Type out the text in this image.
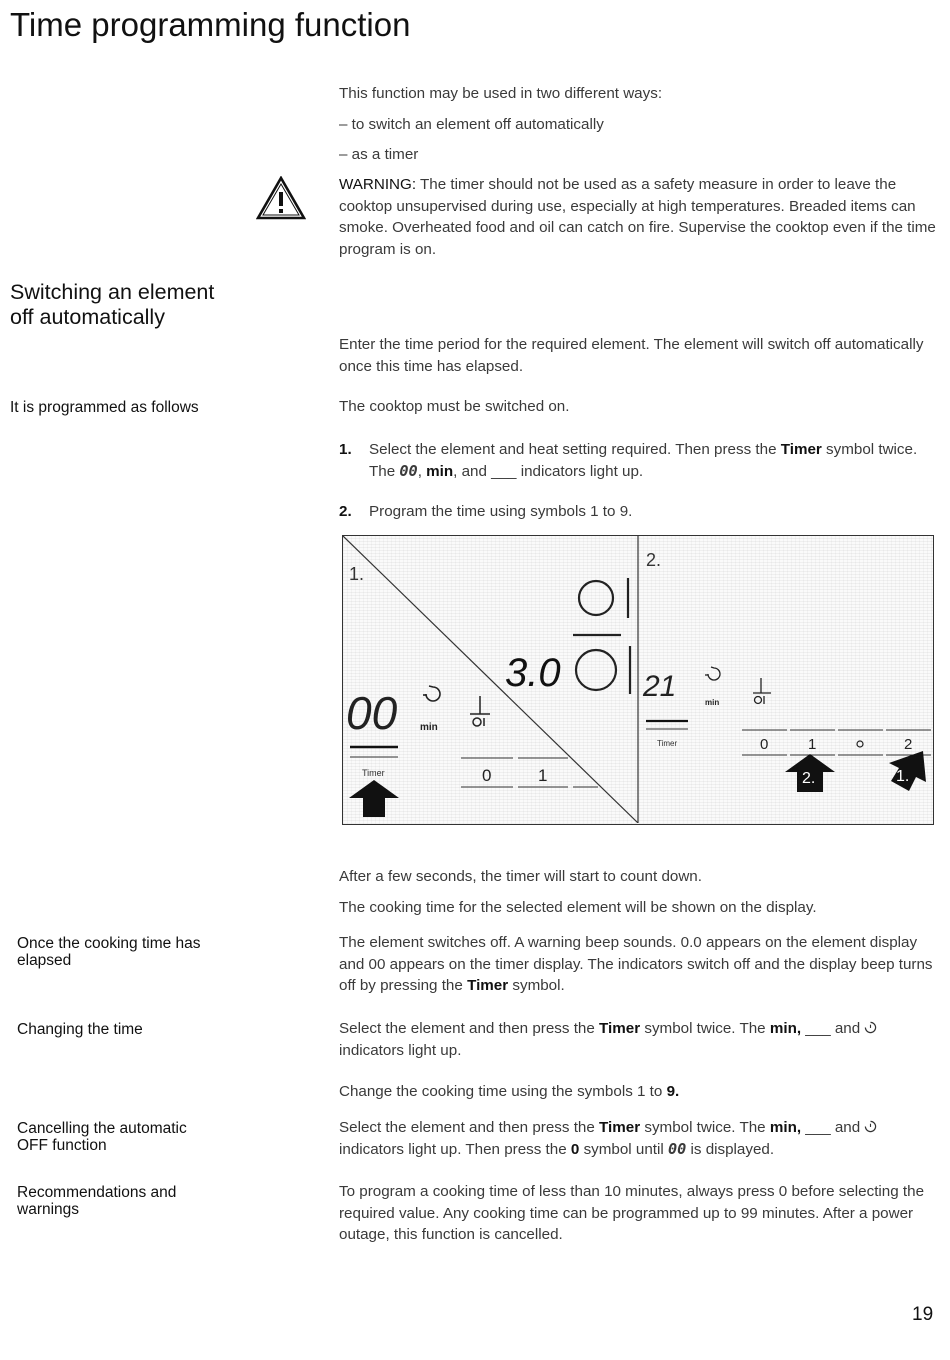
Time programming function
This function may be used in two different ways:
– to switch an element off automatically
– as a timer
WARNING: The timer should not be used as a safety measure in order to leave the cooktop unsupervised during use, especially at high temperatures. Breaded items can smoke. Overheated food and oil can catch on fire. Supervise the cooktop even if the time program is on.
Switching an element
off automatically
Enter the time period for the required element. The element will switch off automatically once this time has elapsed.
It is programmed as follows	The cooktop must be switched on.
1.	Select the element and heat setting required. Then press the Timer symbol twice. The 00, min, and ___ indicators light up.
2.	Program the time using symbols 1 to 9.
1.
3.0
00 min
Timer	0	1
2.
21	min
Timer	0	1	2
2.	1.
After a few seconds, the timer will start to count down.
The cooking time for the selected element will be shown on the display.
Once the cooking time has
elapsed
The element switches off. A warning beep sounds. 0.0 appears on the element display and 00 appears on the timer display. The indicators switch off and the display beep turns off by pressing the Timer symbol.
Changing the time	Select the element and then press the Timer symbol twice. The min, ___ and  indicators light up.
Change the cooking time using the symbols 1 to 9.
Cancelling the automatic
OFF function
Select the element and then press the Timer symbol twice. The min, ___ and  indicators light up. Then press the 0 symbol until 00 is displayed.
Recommendations and
warnings
To program a cooking time of less than 10 minutes, always press 0 before selecting the required value. Any cooking time can be programmed up to 99 minutes. After a power outage, this function is cancelled.
19
